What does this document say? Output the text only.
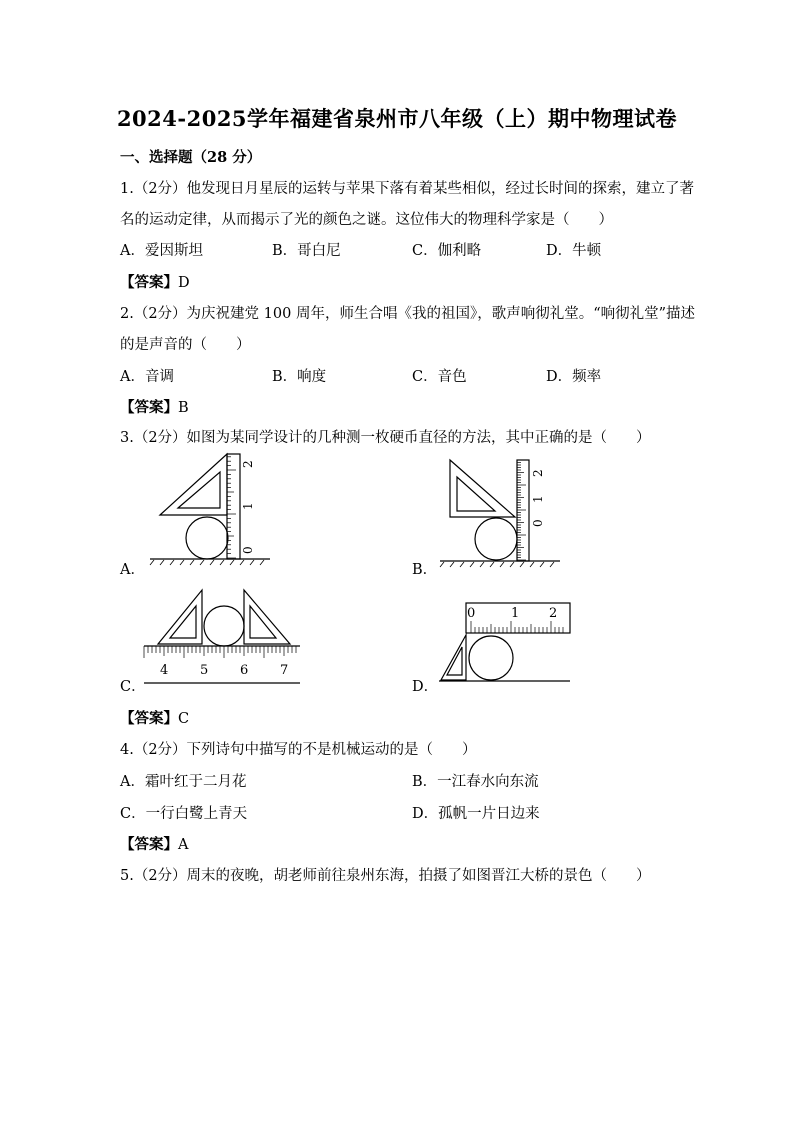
2024-2025学年福建省泉州市八年级（上）期中物理试卷
一、选择题（28 分）
1.（2分）他发现日月星辰的运转与苹果下落有着某些相似，经过长时间的探索，建立了著
名的运动定律，从而揭示了光的颜色之谜。这位伟大的物理科学家是（　　）
A．爱因斯坦	B．哥白尼	C．伽利略	D．牛顿
【答案】D
2.（2分）为庆祝建党 100 周年，师生合唱《我的祖国》，歌声响彻礼堂。“响彻礼堂”描述
的是声音的（　　）
A．音调	B．响度	C．音色	D．频率
【答案】B
3.（2分）如图为某同学设计的几种测一枚硬币直径的方法，其中正确的是（　　）
A．	B．
C．	D．
0
1
2
0
1
2
4 5 6 7
0	1 2
【答案】C
4.（2分）下列诗句中描写的不是机械运动的是（　　）
A．霜叶红于二月花	B．一江春水向东流
C．一行白鹭上青天	D．孤帆一片日边来
【答案】A
5.（2分）周末的夜晚，胡老师前往泉州东海，拍摄了如图晋江大桥的景色（　　）
